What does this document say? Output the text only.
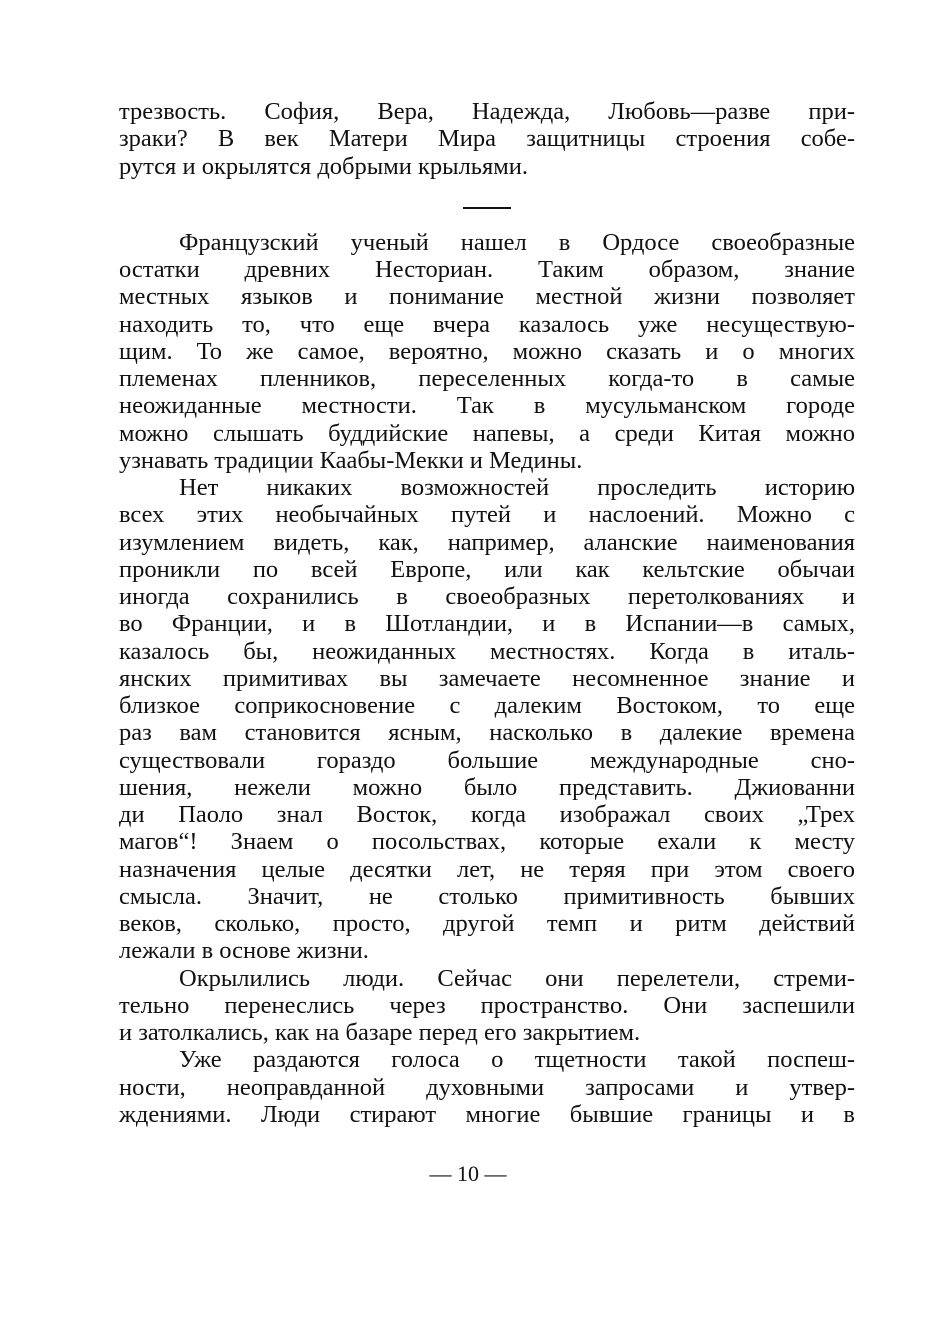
трезвость. София, Вера, Надежда, Любовь—разве при-
зраки? В век Матери Мира защитницы строения собе-
рутся и окрылятся добрыми крыльями.
Французский ученый нашел в Ордосе своеобразные
остатки древних Несториан. Таким образом, знание
местных языков и понимание местной жизни позволяет
находить то, что еще вчера казалось уже несуществую-
щим. То же самое, вероятно, можно сказать и о многих
племенах пленников, переселенных когда-то в самые
неожиданные местности. Так в мусульманском городе
можно слышать буддийские напевы, а среди Китая можно
узнавать традиции Каабы-Мекки и Медины.
Нет никаких возможностей проследить историю
всех этих необычайных путей и наслоений. Можно с
изумлением видеть, как, например, аланские наименования
проникли по всей Европе, или как кельтские обычаи
иногда сохранились в своеобразных перетолкованиях и
во Франции, и в Шотландии, и в Испании—в самых,
казалось бы, неожиданных местностях. Когда в италь-
янских примитивах вы замечаете несомненное знание и
близкое соприкосновение с далеким Востоком, то еще
раз вам становится ясным, насколько в далекие времена
существовали гораздо большие международные сно-
шения, нежели можно было представить. Джиованни
ди Паоло знал Восток, когда изображал своих „Трех
магов“! Знаем о посольствах, которые ехали к месту
назначения целые десятки лет, не теряя при этом своего
смысла. Значит, не столько примитивность бывших
веков, сколько, просто, другой темп и ритм действий
лежали в основе жизни.
Окрылились люди. Сейчас они перелетели, стреми-
тельно перенеслись через пространство. Они заспешили
и затолкались, как на базаре перед его закрытием.
Уже раздаются голоса о тщетности такой поспеш-
ности, неоправданной духовными запросами и утвер-
ждениями. Люди стирают многие бывшие границы и в
— 10 —
